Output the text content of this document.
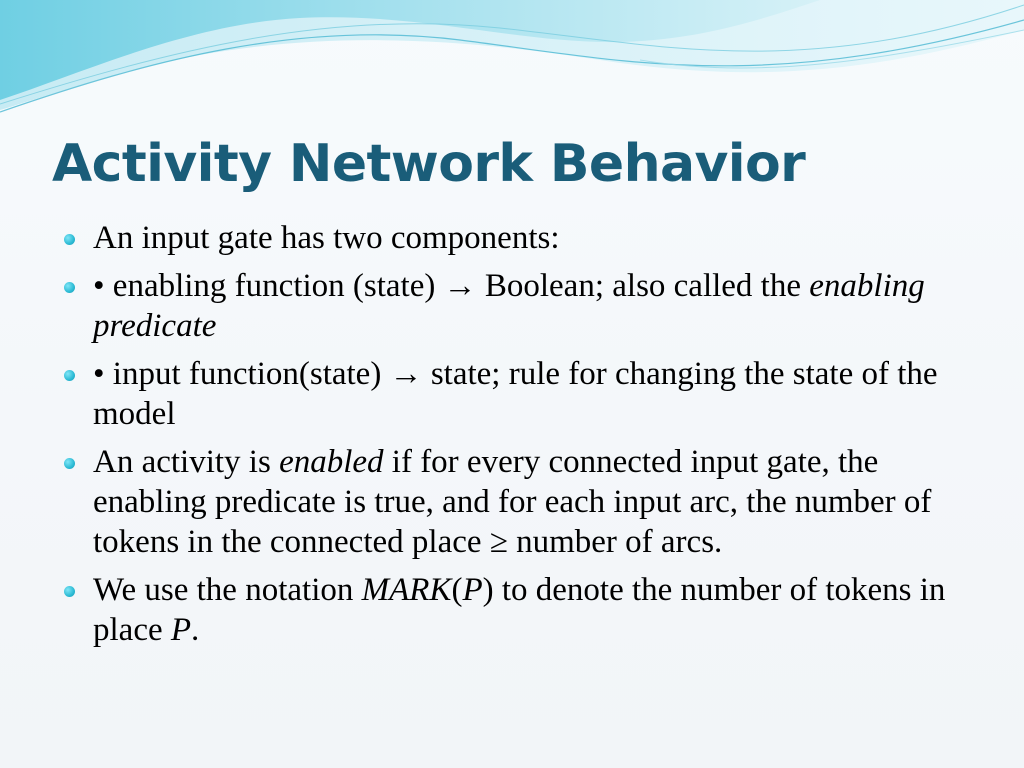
Activity Network Behavior
An input gate has two components:
• enabling function (state) → Boolean; also called the enabling predicate
• input function(state) → state; rule for changing the state of the model
An activity is enabled if for every connected input gate, the enabling predicate is true, and for each input arc, the number of tokens in the connected place ≥ number of arcs.
We use the notation MARK(P) to denote the number of tokens in place P.
